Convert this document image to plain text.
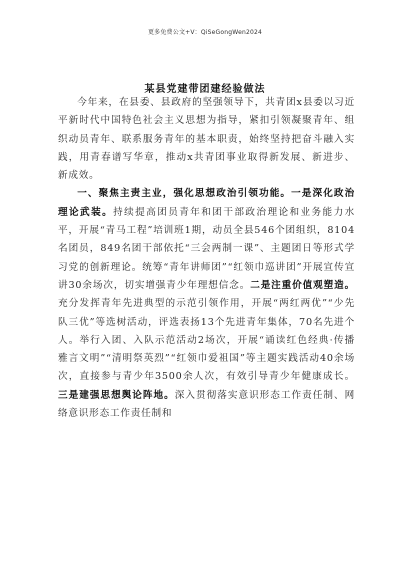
更多免费公文+V：QiSeGongWen2024
某县党建带团建经验做法

今年来，在县委、县政府的坚强领导下，共青团x县委以习近平新时代中国特色社会主义思想为指导，紧扣引领凝聚青年、组织动员青年、联系服务青年的基本职责，始终坚持把奋斗融入实践，用青春谱写华章，推动x共青团事业取得新发展、新进步、新成效。

一、聚焦主责主业，强化思想政治引领功能。一是深化政治理论武装。持续提高团员青年和团干部政治理论和业务能力水平，开展“青马工程”培训班1期，动员全县546个团组织，8104名团员，849名团干部依托“三会两制一课”、主题团日等形式学习党的创新理论。统筹“青年讲师团”“红领巾巡讲团”开展宣传宣讲30余场次，切实增强青少年理想信念。二是注重价值观塑造。充分发挥青年先进典型的示范引领作用，开展“两红两优”“少先队三优”等选树活动，评选表扬13个先进青年集体，70名先进个人。举行入团、入队示范活动2场次，开展“诵读红色经典·传播雅言文明”“清明祭英烈”“红领巾爱祖国”等主题实践活动40余场次，直接参与青少年3500余人次，有效引导青少年健康成长。三是建强思想舆论阵地。深入贯彻落实意识形态工作责任制、网络意识形态工作责任制和
